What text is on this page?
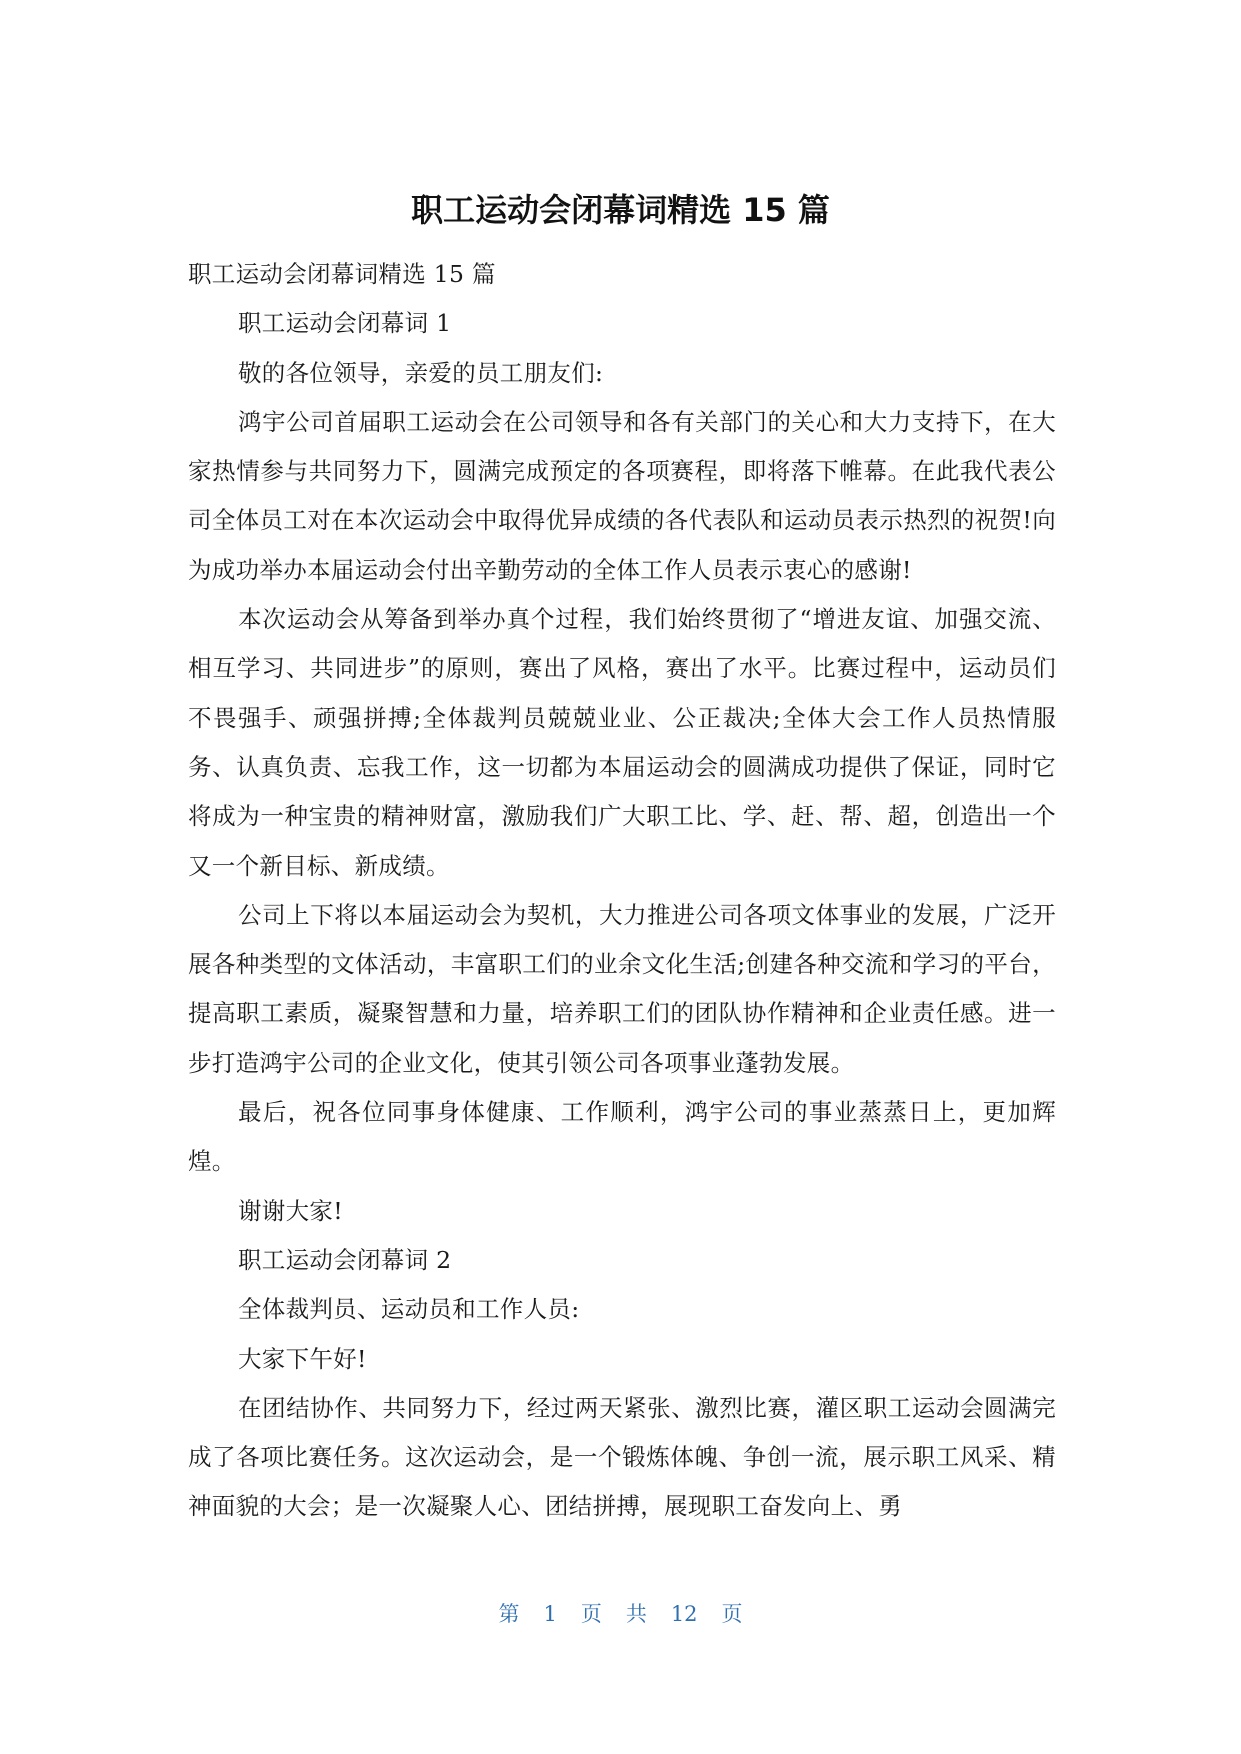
职工运动会闭幕词精选 15 篇

职工运动会闭幕词精选 15 篇

职工运动会闭幕词 1

敬的各位领导，亲爱的员工朋友们:

鸿宇公司首届职工运动会在公司领导和各有关部门的关心和大力支持下，在大家热情参与共同努力下，圆满完成预定的各项赛程，即将落下帷幕。在此我代表公司全体员工对在本次运动会中取得优异成绩的各代表队和运动员表示热烈的祝贺!向为成功举办本届运动会付出辛勤劳动的全体工作人员表示衷心的感谢!

本次运动会从筹备到举办真个过程，我们始终贯彻了“增进友谊、加强交流、相互学习、共同进步”的原则，赛出了风格，赛出了水平。比赛过程中，运动员们不畏强手、顽强拼搏;全体裁判员兢兢业业、公正裁决;全体大会工作人员热情服务、认真负责、忘我工作，这一切都为本届运动会的圆满成功提供了保证，同时它将成为一种宝贵的精神财富，激励我们广大职工比、学、赶、帮、超，创造出一个又一个新目标、新成绩。

公司上下将以本届运动会为契机，大力推进公司各项文体事业的发展，广泛开展各种类型的文体活动，丰富职工们的业余文化生活;创建各种交流和学习的平台，提高职工素质，凝聚智慧和力量，培养职工们的团队协作精神和企业责任感。进一步打造鸿宇公司的企业文化，使其引领公司各项事业蓬勃发展。

最后，祝各位同事身体健康、工作顺利，鸿宇公司的事业蒸蒸日上，更加辉煌。

谢谢大家!

职工运动会闭幕词 2

全体裁判员、运动员和工作人员:

大家下午好!

在团结协作、共同努力下，经过两天紧张、激烈比赛，灌区职工运动会圆满完成了各项比赛任务。这次运动会，是一个锻炼体魄、争创一流，展示职工风采、精神面貌的大会；是一次凝聚人心、团结拼搏，展现职工奋发向上、勇

第 1 页 共 12 页
